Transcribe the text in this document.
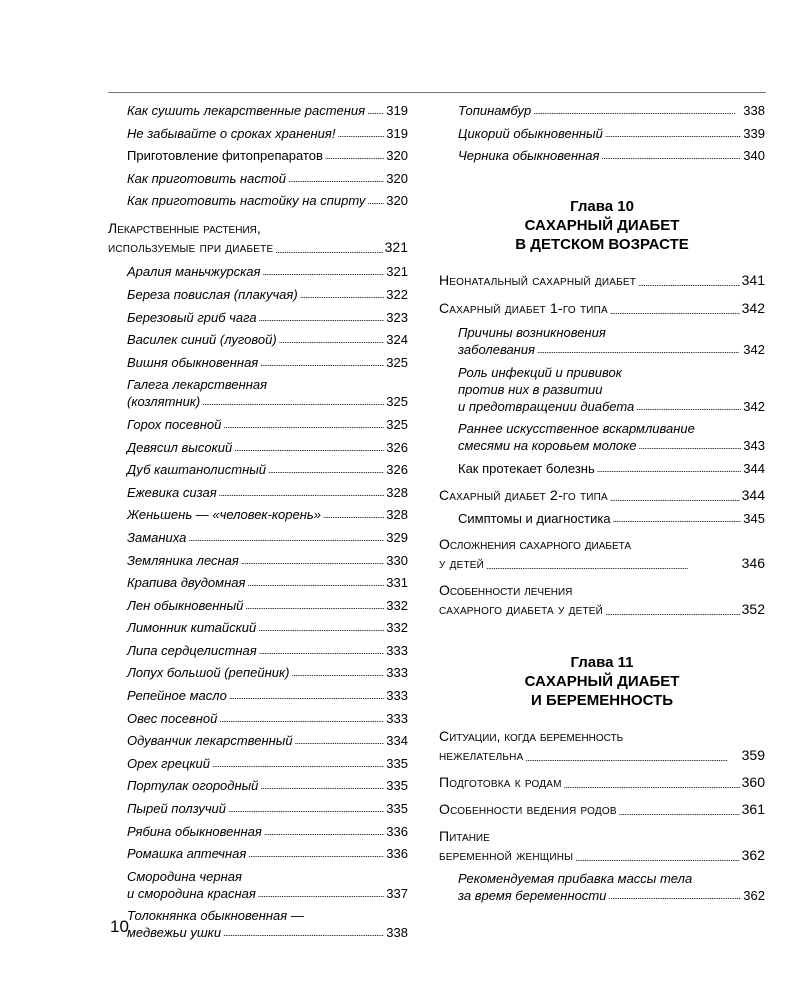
Как сушить лекарственные растения . . . 319
Не забывайте о сроках хранения! . . .	319
Приготовление фитопрепаратов . . .	320
Как приготовить настой . . .	320
Как приготовить настойку на спирту . . . 320
Лекарственные растения,
используемые при диабете . . .	321
Аралия маньчжурская . . .	321
Береза повислая (плакучая) . . .	322
Березовый гриб чага . . .	323
Василек синий (луговой) . . .	324
Вишня обыкновенная . . .	325
Галега лекарственная
(козлятник) . . .	325
Горох посевной . . .	325
Девясил высокий . . .	326
Дуб каштанолистный . . .	326
Ежевика сизая . . .	328
Женьшень — «человек-корень» . . .	328
Заманиха . . .	329
Земляника лесная . . .	330
Крапива двудомная . . .	331
Лен обыкновенный . . .	332
Лимонник китайский . . .	332
Липа сердцелистная . . .	333
Лопух большой (репейник) . . .	333
Репейное масло . . .	333
Овес посевной . . .	333
Одуванчик лекарственный . . .	334
Орех грецкий . . .	335
Портулак огородный . . .	335
Пырей ползучий . . .	335
Рябина обыкновенная . . .	336
Ромашка аптечная . . .	336
Смородина черная
и смородина красная . . .	337
Толокнянка обыкновенная —
медвежьи ушки . . .	338
Топинамбур . . .	338
Цикорий обыкновенный . . .	339
Черника обыкновенная . . .	340
Глава 10
САХАРНЫЙ ДИАБЕТ
В ДЕТСКОМ ВОЗРАСТЕ
Неонатальный сахарный диабет . . .	341
Сахарный диабет 1-го типа . . .	342
Причины возникновения
заболевания . . .	342
Роль инфекций и прививок
против них в развитии
и предотвращении диабета . . .	342
Раннее искусственное вскармливание
смесями на коровьем молоке . . .	343
Как протекает болезнь . . .	344
Сахарный диабет 2-го типа . . .	344
Симптомы и диагностика . . .	345
Осложнения сахарного диабета
у детей . . .	346
Особенности лечения
сахарного диабета у детей . . .	352
Глава 11
САХАРНЫЙ ДИАБЕТ
И БЕРЕМЕННОСТЬ
Ситуации, когда беременность
нежелательна . . .	359
Подготовка к родам . . .	360
Особенности ведения родов . . .	361
Питание
беременной женщины . . .	362
Рекомендуемая прибавка массы тела
за время беременности . . .	362
10
